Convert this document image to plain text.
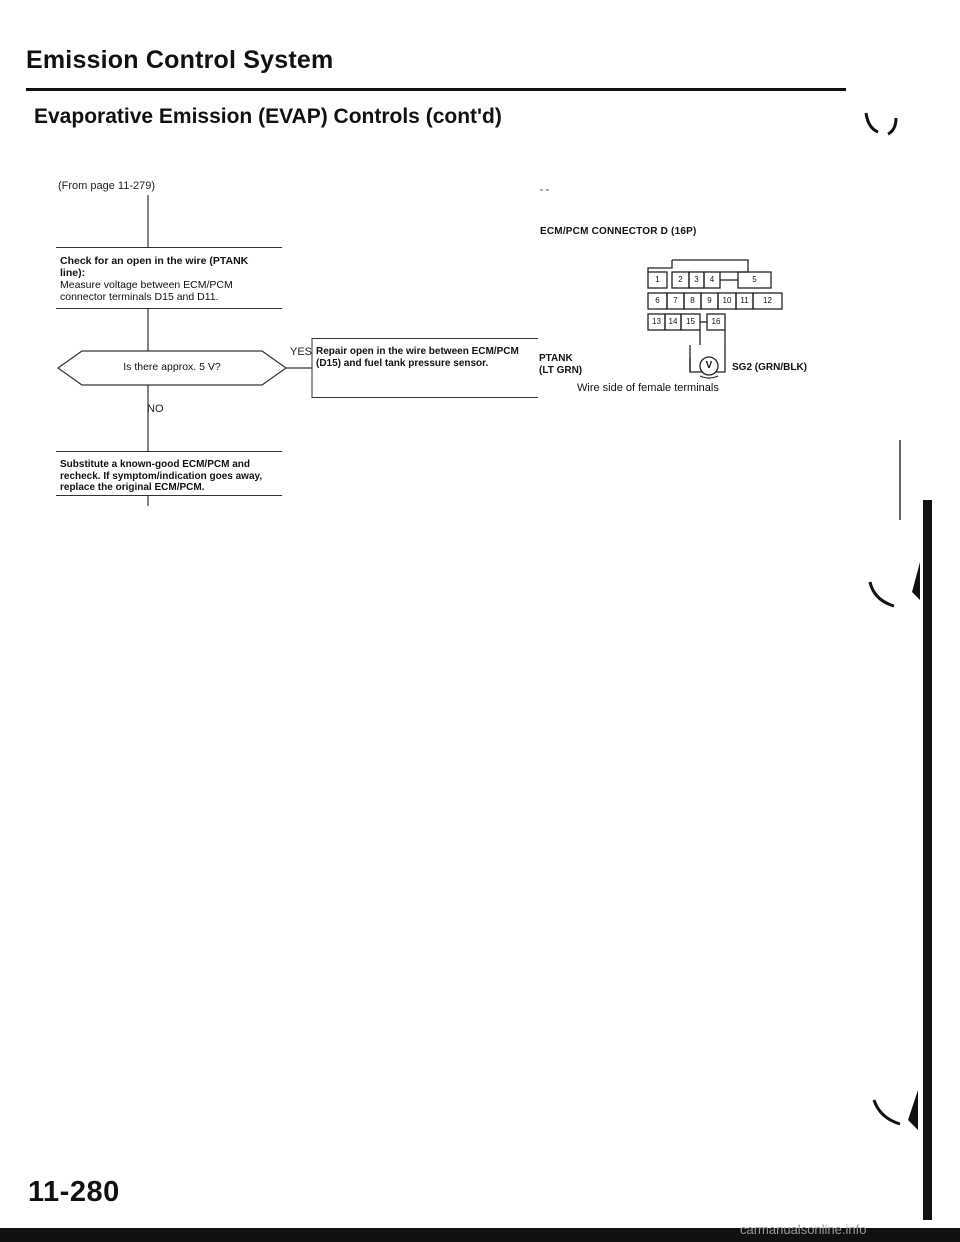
Emission Control System
Evaporative Emission (EVAP) Controls (cont'd)
(From page 11-279)
Is there approx. 5 V?
Check for an open in the wire (PTANK line):
Measure voltage between ECM/PCM connector terminals D15 and D11.
Repair open in the wire between ECM/PCM (D15) and fuel tank pressure sensor.
Substitute a known-good ECM/PCM and recheck. If symptom/indication goes away, replace the original ECM/PCM.
YES
NO
ECM/PCM CONNECTOR D (16P)
1	2	3	4	5
6	7	8	9	10	11	12
13 14	15	16
V
PTANK
(LT GRN)	SG2 (GRN/BLK)
Wire side of female terminals
11-280
carmanualsonline.info
